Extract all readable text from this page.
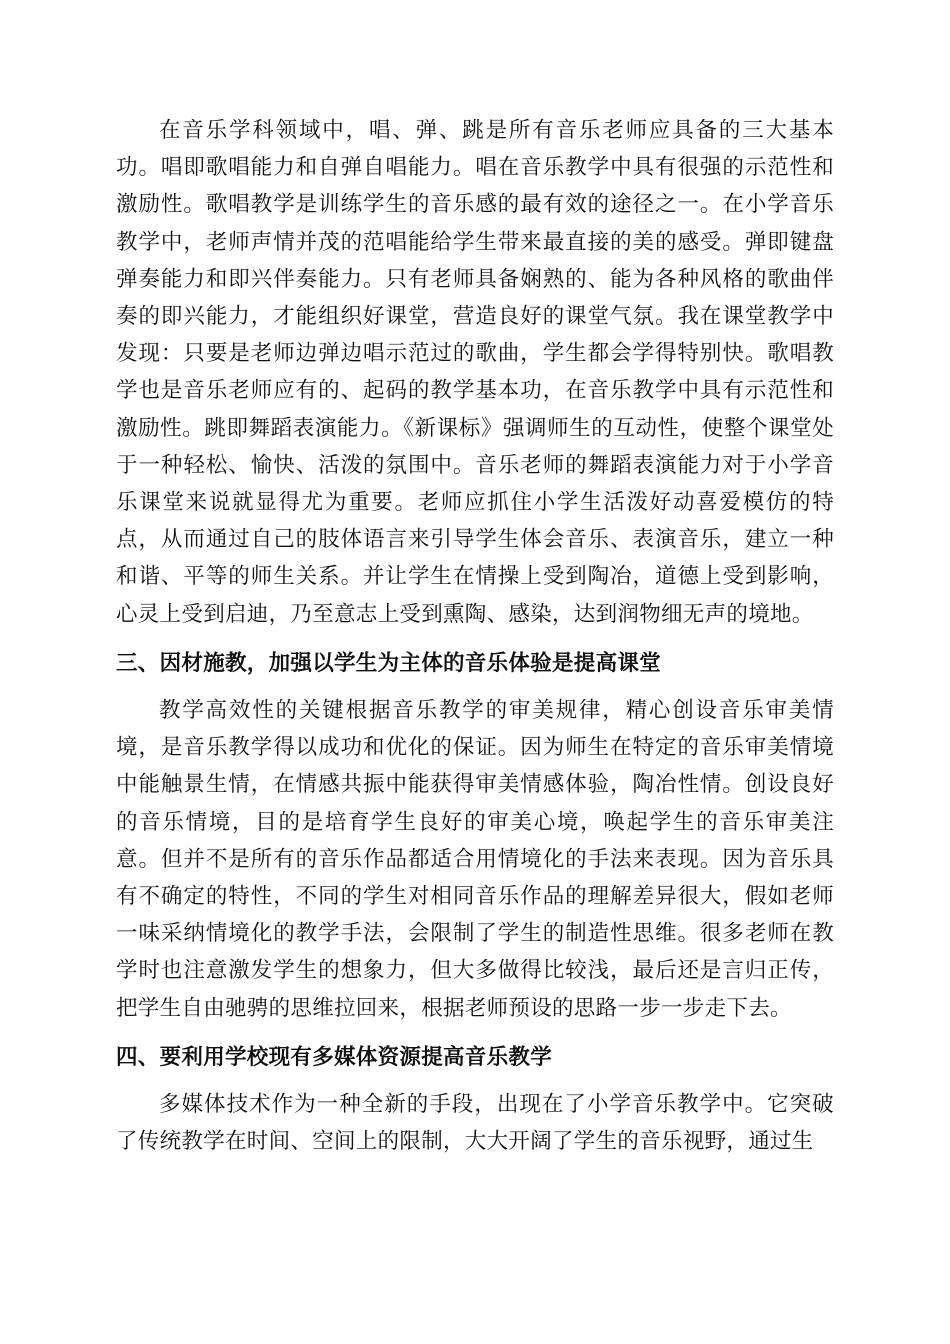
在音乐学科领域中，唱、弹、跳是所有音乐老师应具备的三大基本功。唱即歌唱能力和自弹自唱能力。唱在音乐教学中具有很强的示范性和激励性。歌唱教学是训练学生的音乐感的最有效的途径之一。在小学音乐教学中，老师声情并茂的范唱能给学生带来最直接的美的感受。弹即键盘弹奏能力和即兴伴奏能力。只有老师具备娴熟的、能为各种风格的歌曲伴奏的即兴能力，才能组织好课堂，营造良好的课堂气氛。我在课堂教学中发现：只要是老师边弹边唱示范过的歌曲，学生都会学得特别快。歌唱教学也是音乐老师应有的、起码的教学基本功，在音乐教学中具有示范性和激励性。跳即舞蹈表演能力。《新课标》强调师生的互动性，使整个课堂处于一种轻松、愉快、活泼的氛围中。音乐老师的舞蹈表演能力对于小学音乐课堂来说就显得尤为重要。老师应抓住小学生活泼好动喜爱模仿的特点，从而通过自己的肢体语言来引导学生体会音乐、表演音乐，建立一种和谐、平等的师生关系。并让学生在情操上受到陶冶，道德上受到影响，心灵上受到启迪，乃至意志上受到熏陶、感染，达到润物细无声的境地。

三、因材施教，加强以学生为主体的音乐体验是提高课堂

教学高效性的关键根据音乐教学的审美规律，精心创设音乐审美情境，是音乐教学得以成功和优化的保证。因为师生在特定的音乐审美情境中能触景生情，在情感共振中能获得审美情感体验，陶冶性情。创设良好的音乐情境，目的是培育学生良好的审美心境，唤起学生的音乐审美注意。但并不是所有的音乐作品都适合用情境化的手法来表现。因为音乐具有不确定的特性，不同的学生对相同音乐作品的理解差异很大，假如老师一味采纳情境化的教学手法，会限制了学生的制造性思维。很多老师在教学时也注意激发学生的想象力，但大多做得比较浅，最后还是言归正传，把学生自由驰骋的思维拉回来，根据老师预设的思路一步一步走下去。

四、要利用学校现有多媒体资源提高音乐教学

多媒体技术作为一种全新的手段，出现在了小学音乐教学中。它突破了传统教学在时间、空间上的限制，大大开阔了学生的音乐视野，通过生
